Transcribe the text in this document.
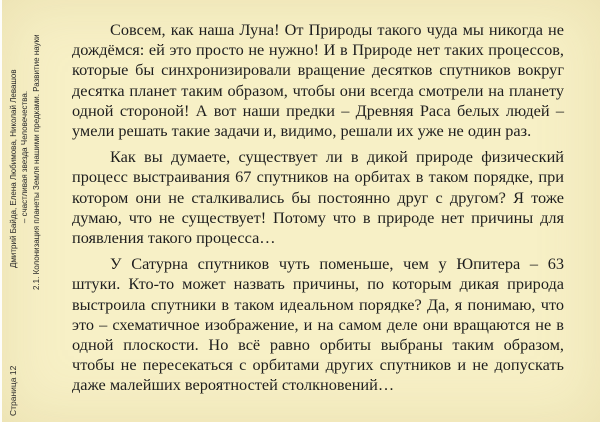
Страница 12
Дмитрий Байда, Елена Любимова, Николай Левашов – счастливая звезда Человечества. 2.1. Колонизация планеты Земля нашими предками. Развитие науки

Совсем, как наша Луна! От Природы такого чуда мы никогда не дождёмся: ей это просто не нужно! И в Природе нет таких процессов, которые бы синхронизировали вращение десятков спутников вокруг десятка планет таким образом, чтобы они всегда смотрели на планету одной стороной! А вот наши предки – Древняя Раса белых людей – умели решать такие задачи и, видимо, решали их уже не один раз.

Как вы думаете, существует ли в дикой природе физический процесс выстраивания 67 спутников на орбитах в таком порядке, при котором они не сталкивались бы постоянно друг с другом? Я тоже думаю, что не существует! Потому что в природе нет причины для появления такого процесса…

У Сатурна спутников чуть поменьше, чем у Юпитера – 63 штуки. Кто-то может назвать причины, по которым дикая природа выстроила спутники в таком идеальном порядке? Да, я понимаю, что это – схематичное изображение, и на самом деле они вращаются не в одной плоскости. Но всё равно орбиты выбраны таким образом, чтобы не пересекаться с орбитами других спутников и не допускать даже малейших вероятностей столкновений…
